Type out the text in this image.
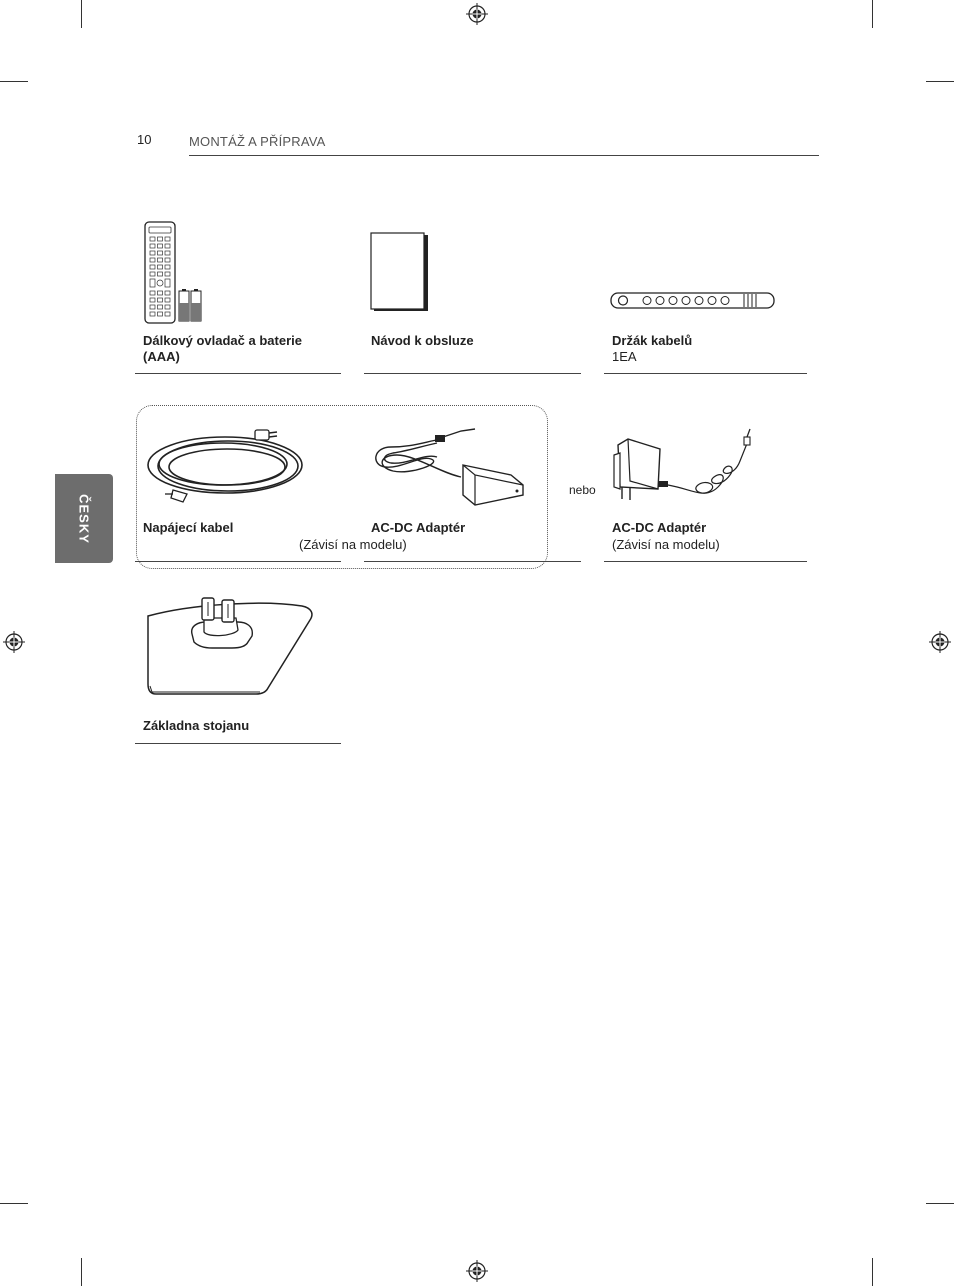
10	MONTÁŽ A PŘÍPRAVA
ČESKY
Dálkový ovladač a baterie (AAA)
Návod k obsluze	Držák kabelů
1EA
Napájecí kabel	AC-DC Adaptér
(Závisí na modelu)
nebo
AC-DC Adaptér
(Závisí na modelu)
Základna stojanu
